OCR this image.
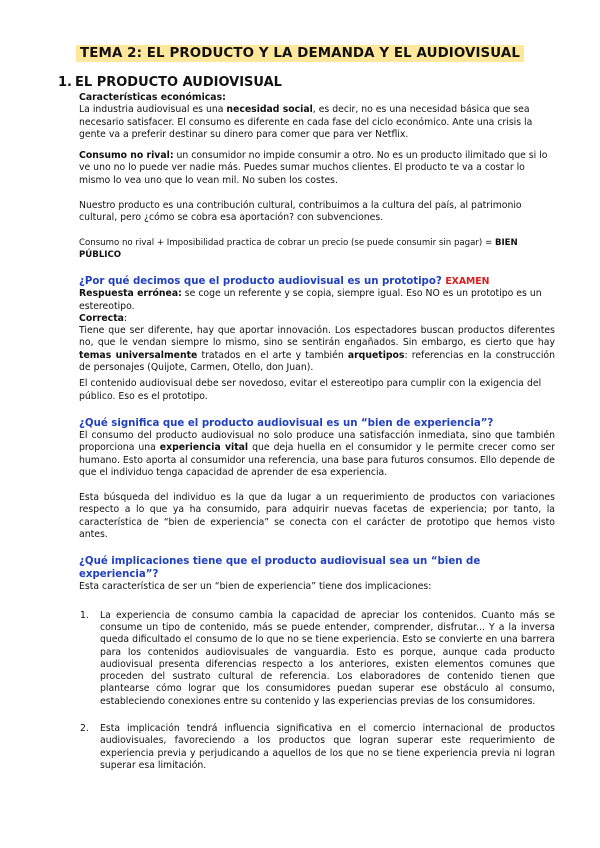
TEMA 2: EL PRODUCTO Y LA DEMANDA Y EL AUDIOVISUAL
1. EL PRODUCTO AUDIOVISUAL

Características económicas:

La industria audiovisual es una necesidad social, es decir, no es una necesidad básica que sea necesario satisfacer. El consumo es diferente en cada fase del ciclo económico. Ante una crisis la gente va a preferir destinar su dinero para comer que para ver Netflix.

Consumo no rival: un consumidor no impide consumir a otro. No es un producto ilimitado que si lo ve uno no lo puede ver nadie más. Puedes sumar muchos clientes. El producto te va a costar lo mismo lo vea uno que lo vean mil. No suben los costes.

Nuestro producto es una contribución cultural, contribuimos a la cultura del país, al patrimonio cultural, pero ¿cómo se cobra esa aportación? con subvenciones.

Consumo no rival + Imposibilidad practica de cobrar un precio (se puede consumir sin pagar) = BIEN PÚBLICO

¿Por qué decimos que el producto audiovisual es un prototipo? EXAMEN

Respuesta errónea: se coge un referente y se copia, siempre igual. Eso NO es un prototipo es un estereotipo.

Correcta:

Tiene que ser diferente, hay que aportar innovación. Los espectadores buscan productos diferentes no, que le vendan siempre lo mismo, sino se sentirán engañados. Sin embargo, es cierto que hay temas universalmente tratados en el arte y también arquetipos: referencias en la construcción de personajes (Quijote, Carmen, Otello, don Juan).

El contenido audiovisual debe ser novedoso, evitar el estereotipo para cumplir con la exigencia del público. Eso es el prototipo.

¿Qué significa que el producto audiovisual es un “bien de experiencia”?

El consumo del producto audiovisual no solo produce una satisfacción inmediata, sino que también proporciona una experiencia vital que deja huella en el consumidor y le permite crecer como ser humano. Esto aporta al consumidor una referencia, una base para futuros consumos. Ello depende de que el individuo tenga capacidad de aprender de esa experiencia.

Esta búsqueda del individuo es la que da lugar a un requerimiento de productos con variaciones respecto a lo que ya ha consumido, para adquirir nuevas facetas de experiencia; por tanto, la característica de “bien de experiencia” se conecta con el carácter de prototipo que hemos visto antes.

¿Qué implicaciones tiene que el producto audiovisual sea un “bien de experiencia”?

Esta característica de ser un “bien de experiencia” tiene dos implicaciones:

1. La experiencia de consumo cambia la capacidad de apreciar los contenidos. Cuanto más se consume un tipo de contenido, más se puede entender, comprender, disfrutar... Y a la inversa queda dificultado el consumo de lo que no se tiene experiencia. Esto se convierte en una barrera para los contenidos audiovisuales de vanguardia. Esto es porque, aunque cada producto audiovisual presenta diferencias respecto a los anteriores, existen elementos comunes que proceden del sustrato cultural de referencia. Los elaboradores de contenido tienen que plantearse cómo lograr que los consumidores puedan superar ese obstáculo al consumo, estableciendo conexiones entre su contenido y las experiencias previas de los consumidores.
2. Esta implicación tendrá influencia significativa en el comercio internacional de productos audiovisuales, favoreciendo a los productos que logran superar este requerimiento de experiencia previa y perjudicando a aquellos de los que no se tiene experiencia previa ni logran superar esa limitación.
